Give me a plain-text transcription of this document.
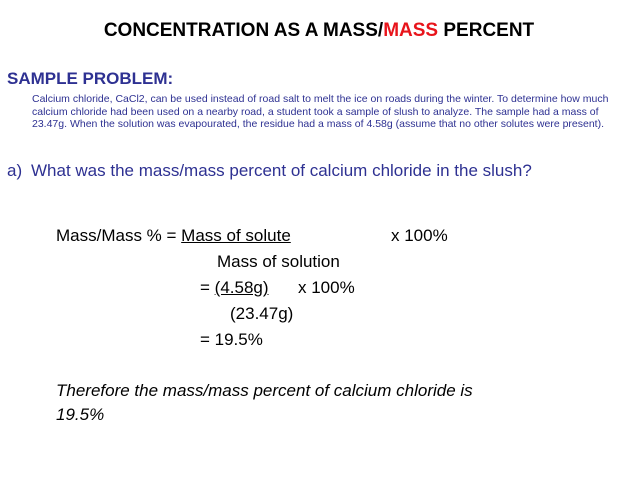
CONCENTRATION AS A MASS/MASS PERCENT
SAMPLE PROBLEM:
Calcium chloride, CaCl2, can be used instead of road salt to melt the ice on roads during the winter. To determine how much calcium chloride had been used on a nearby road, a student took a sample of slush to analyze. The sample had a mass of 23.47g. When the solution was evapourated, the residue had a mass of 4.58g (assume that no other solutes were present).
a) What was the mass/mass percent of calcium chloride in the slush?
Mass/Mass % = Mass of solute	x 100%
Mass of solution
= (4.58g) x 100%
(23.47g)
= 19.5%
Therefore the mass/mass percent of calcium chloride is
19.5%
